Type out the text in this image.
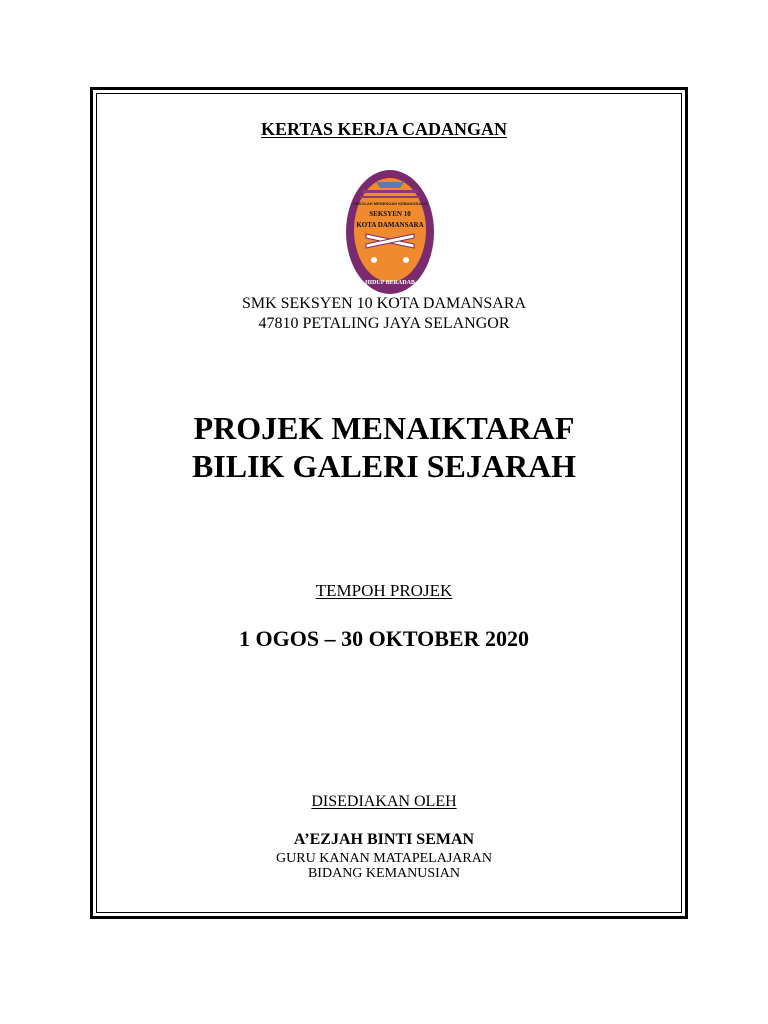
KERTAS KERJA CADANGAN
SEKOLAH MENENGAH KEBANGSAAN
SEKSYEN 10
KOTA DAMANSARA
HIDUP BERADAB
SMK SEKSYEN 10 KOTA DAMANSARA
47810 PETALING JAYA SELANGOR
PROJEK MENAIKTARAF
BILIK GALERI SEJARAH
TEMPOH PROJEK
1 OGOS – 30 OKTOBER 2020
DISEDIAKAN OLEH
A’EZJAH BINTI SEMAN
GURU KANAN MATAPELAJARAN
BIDANG KEMANUSIAN
